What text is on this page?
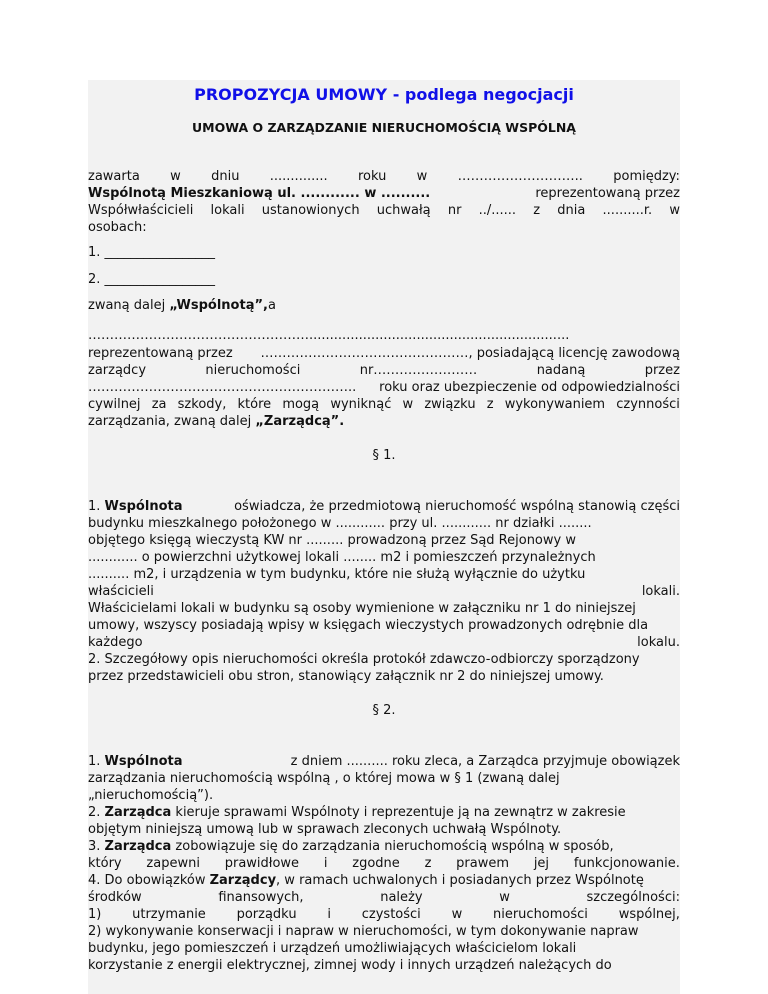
PROPOZYCJA UMOWY - podlega negocjacji
UMOWA O ZARZĄDZANIE NIERUCHOMOŚCIĄ WSPÓLNĄ
zawarta w dniu .............. roku w ……………………….. pomiędzy:
Wspólnotą Mieszkaniową ul. ............ w ..........	reprezentowaną przez
Współwłaścicieli lokali ustanowionych uchwałą nr ../...... z dnia ..........r. w
osobach:
1. _________________
2. _________________
zwaną dalej „Wspólnotą”,a
……………………………………………...............................................................
reprezentowaną przez …………………………………………, posiadającą licencję zawodową
zarządcy	nieruchomości	nr……………………	nadaną	przez
…………………………………………………….. roku oraz ubezpieczenie od odpowiedzialności
cywilnej za szkody, które mogą wyniknąć w związku z wykonywaniem czynności
zarządzania, zwaną dalej „Zarządcą”.
§ 1.
1. Wspólnota	oświadcza, że przedmiotową nieruchomość wspólną stanowią części
budynku mieszkalnego położonego w ............ przy ul. ............ nr działki ........
objętego księgą wieczystą KW nr ......... prowadzoną przez Sąd Rejonowy w
............ o powierzchni użytkowej lokali ........ m2 i pomieszczeń przynależnych
.......... m2, i urządzenia w tym budynku, które nie służą wyłącznie do użytku
właścicieli	lokali.
Właścicielami lokali w budynku są osoby wymienione w załączniku nr 1 do niniejszej
umowy, wszyscy posiadają wpisy w księgach wieczystych prowadzonych odrębnie dla
każdego	lokalu.
2. Szczegółowy opis nieruchomości określa protokół zdawczo-odbiorczy sporządzony
przez przedstawicieli obu stron, stanowiący załącznik nr 2 do niniejszej umowy.
§ 2.
1. Wspólnota	z dniem .......... roku zleca, a Zarządca przyjmuje obowiązek
zarządzania nieruchomością wspólną , o której mowa w § 1 (zwaną dalej
„nieruchomością”).
2. Zarządca kieruje sprawami Wspólnoty i reprezentuje ją na zewnątrz w zakresie
objętym niniejszą umową lub w sprawach zleconych uchwałą Wspólnoty.
3. Zarządca zobowiązuje się do zarządzania nieruchomością wspólną w sposób,
który zapewni prawidłowe i zgodne z prawem jej funkcjonowanie.
4. Do obowiązków Zarządcy, w ramach uchwalonych i posiadanych przez Wspólnotę
środków	finansowych,	należy	w	szczególności:
1) utrzymanie porządku i czystości w nieruchomości wspólnej,
2) wykonywanie konserwacji i napraw w nieruchomości, w tym dokonywanie napraw
budynku, jego pomieszczeń i urządzeń umożliwiających właścicielom lokali
korzystanie z energii elektrycznej, zimnej wody i innych urządzeń należących do
